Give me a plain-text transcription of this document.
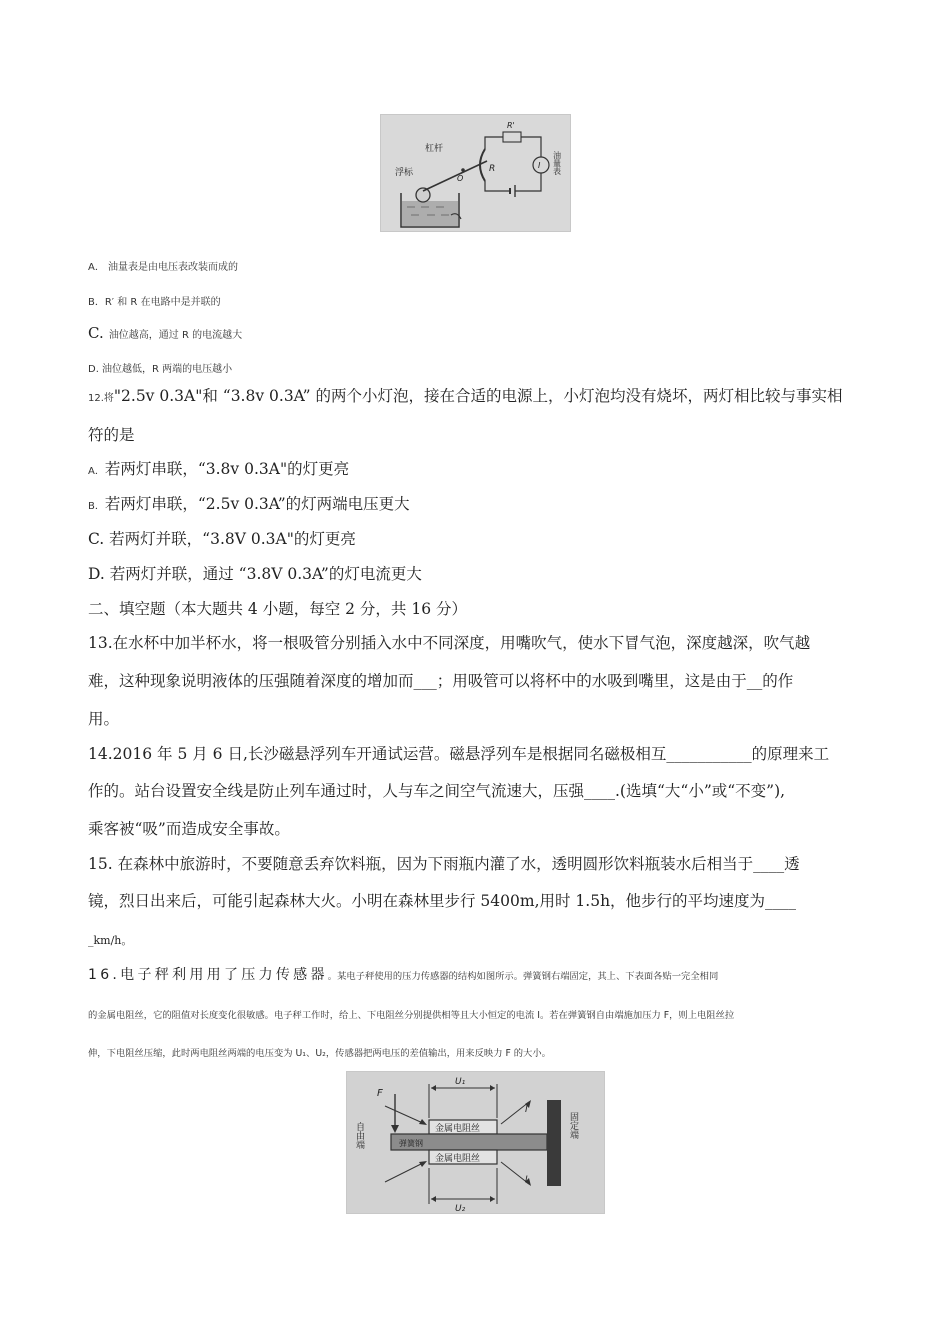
杠杆
浮标
O
R
R'
I 油量表
A． 油量表是由电压表改装而成的
B．R′ 和 R 在电路中是并联的
C. 油位越高，通过 R 的电流越大
D. 油位越低，R 两端的电压越小
12.将"2.5v 0.3A"和 “3.8v 0.3A” 的两个小灯泡，接在合适的电源上，小灯泡均没有烧坏，两灯相比较与事实相
符的是
A．若两灯串联，“3.8v 0.3A"的灯更亮
B．若两灯串联，“2.5v 0.3A”的灯两端电压更大
C. 若两灯并联，“3.8V 0.3A"的灯更亮
D. 若两灯并联，通过 “3.8V 0.3A”的灯电流更大
二、填空题（本大题共 4 小题，每空 2 分，共 16 分）
13.在水杯中加半杯水，将一根吸管分别插入水中不同深度，用嘴吹气，使水下冒气泡，深度越深，吹气越
难，这种现象说明液体的压强随着深度的增加而___；用吸管可以将杯中的水吸到嘴里，这是由于__的作
用。
14.2016 年 5 月 6 日,长沙磁悬浮列车开通试运营。磁悬浮列车是根据同名磁极相互___________的原理来工
作的。站台设置安全线是防止列车通过时，人与车之间空气流速大，压强____.(选填“大“小”或“不变”),
乘客被“吸”而造成安全事故。
15. 在森林中旅游时，不要随意丢弃饮料瓶，因为下雨瓶内灌了水，透明圆形饮料瓶装水后相当于____透
镜，烈日出来后，可能引起森林大火。小明在森林里步行 5400m,用时 1.5h，他步行的平均速度为____
_km/h。
16.电子秤利用用了压力传感器。某电子秤使用的压力传感器的结构如图所示。弹簧钢右端固定，其上、下表面各贴一完全相同
的金属电阻丝，它的阻值对长度变化很敏感。电子秤工作时，给上、下电阻丝分别提供相等且大小恒定的电流 I。若在弹簧钢自由端施加压力 F，则上电阻丝拉
伸，下电阻丝压缩，此时两电阻丝两端的电压变为 U₁、U₂，传感器把两电压的差值输出，用来反映力 F 的大小。
U₁
U₂
金属电阻丝
金属电阻丝
弹簧钢
F
自由端	固定端
I
I
